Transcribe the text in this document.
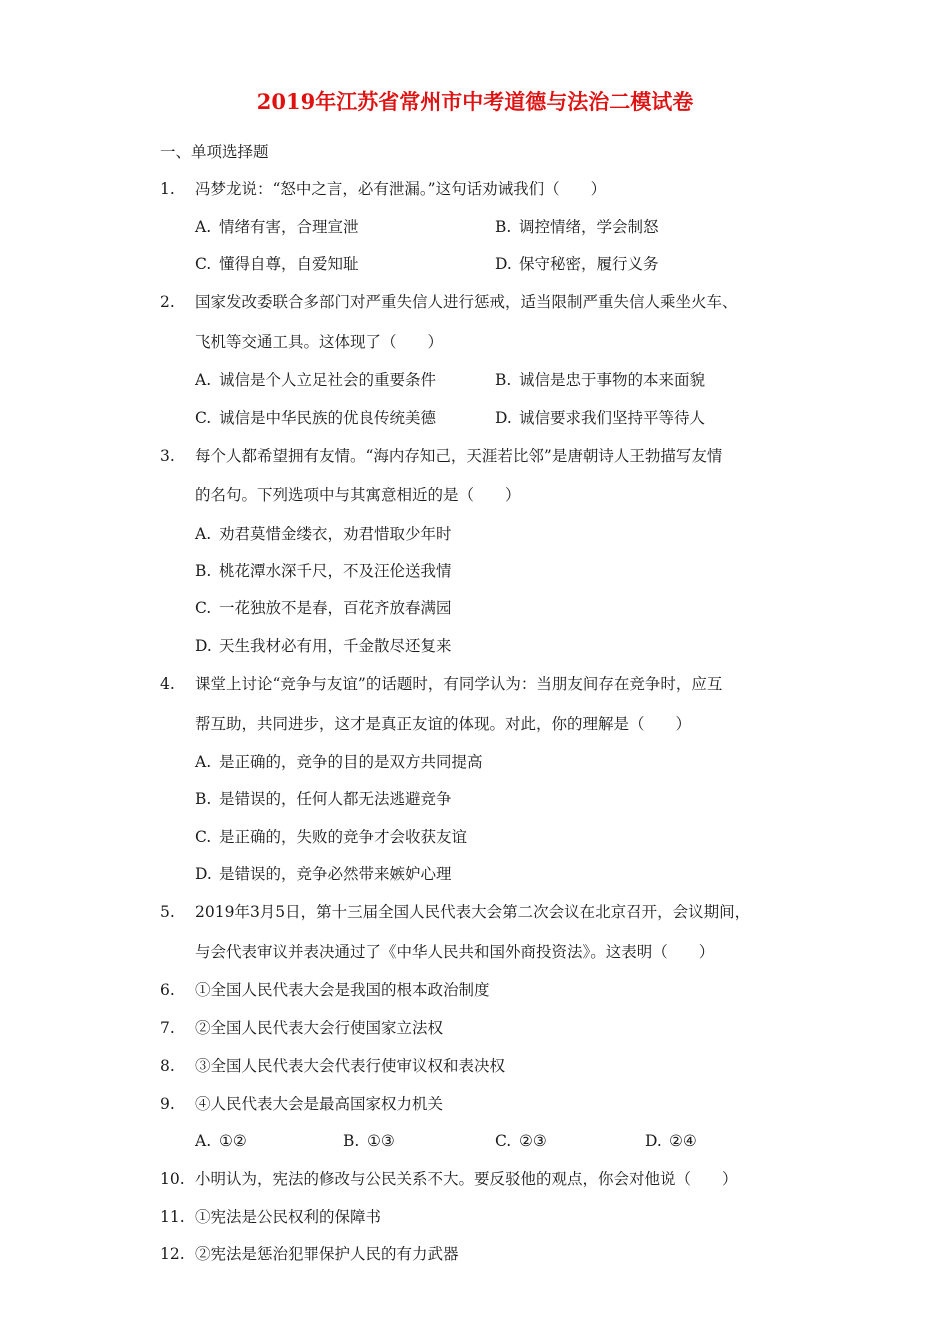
2019年江苏省常州市中考道德与法治二模试卷
一、单项选择题
1. 冯梦龙说：“怒中之言，必有泄漏。”这句话劝诫我们（　　）
A. 情绪有害，合理宣泄	B. 调控情绪，学会制怒
C. 懂得自尊，自爱知耻	D. 保守秘密，履行义务
2. 国家发改委联合多部门对严重失信人进行惩戒，适当限制严重失信人乘坐火车、
飞机等交通工具。这体现了（　　）
A. 诚信是个人立足社会的重要条件	B. 诚信是忠于事物的本来面貌
C. 诚信是中华民族的优良传统美德	D. 诚信要求我们坚持平等待人
3. 每个人都希望拥有友情。“海内存知己，天涯若比邻”是唐朝诗人王勃描写友情
的名句。下列选项中与其寓意相近的是（　　）
A. 劝君莫惜金缕衣，劝君惜取少年时
B. 桃花潭水深千尺，不及汪伦送我情
C. 一花独放不是春，百花齐放春满园
D. 天生我材必有用，千金散尽还复来
4. 课堂上讨论“竞争与友谊”的话题时，有同学认为：当朋友间存在竞争时，应互
帮互助，共同进步，这才是真正友谊的体现。对此，你的理解是（　　）
A. 是正确的，竞争的目的是双方共同提高
B. 是错误的，任何人都无法逃避竞争
C. 是正确的，失败的竞争才会收获友谊
D. 是错误的，竞争必然带来嫉妒心理
5. 2019年3月5日，第十三届全国人民代表大会第二次会议在北京召开，会议期间，
与会代表审议并表决通过了《中华人民共和国外商投资法》。这表明（　　）
6. ①全国人民代表大会是我国的根本政治制度
7. ②全国人民代表大会行使国家立法权
8. ③全国人民代表大会代表行使审议权和表决权
9. ④人民代表大会是最高国家权力机关
A. ①②	B. ①③	C. ②③	D. ②④
10. 小明认为，宪法的修改与公民关系不大。要反驳他的观点，你会对他说（　　）
11. ①宪法是公民权利的保障书
12. ②宪法是惩治犯罪保护人民的有力武器
